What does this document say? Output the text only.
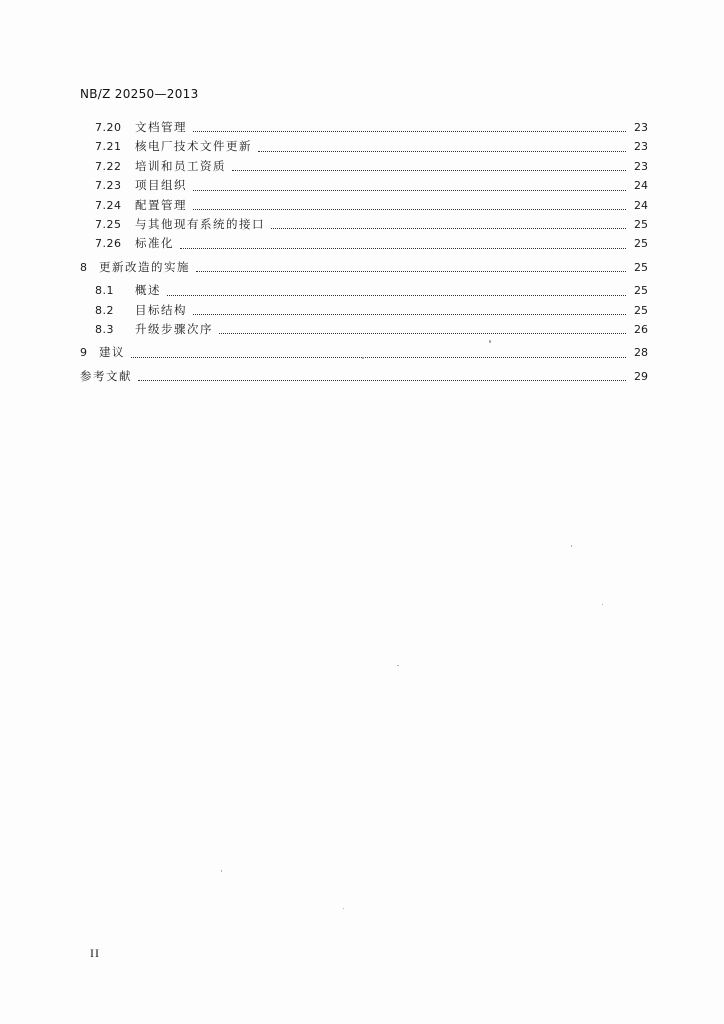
NB/Z 20250—2013
7.20	文档管理	23
7.21	核电厂技术文件更新	23
7.22	培训和员工资质	23
7.23	项目组织	24
7.24	配置管理	24
7.25	与其他现有系统的接口	25
7.26	标准化	25
8	更新改造的实施	25
8.1	概述	25
8.2	目标结构	25
8.3	升级步骤次序	26
9	建议	28
参考文献	29
II
